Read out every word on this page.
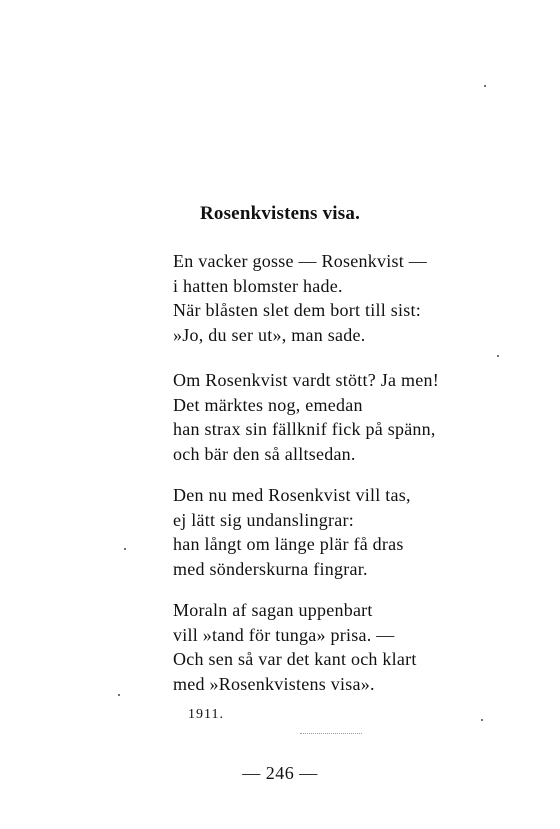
Rosenkvistens visa.
En vacker gosse — Rosenkvist —
i hatten blomster hade.
När blåsten slet dem bort till sist:
»Jo, du ser ut», man sade.
Om Rosenkvist vardt stött? Ja men!
Det märktes nog, emedan
han strax sin fällknif fick på spänn,
och bär den så alltsedan.
Den nu med Rosenkvist vill tas,
ej lätt sig undanslingrar:
han långt om länge plär få dras
med sönderskurna fingrar.
Moraln af sagan uppenbart
vill »tand för tunga» prisa. —
Och sen så var det kant och klart
med »Rosenkvistens visa».
1911.
— 246 —
